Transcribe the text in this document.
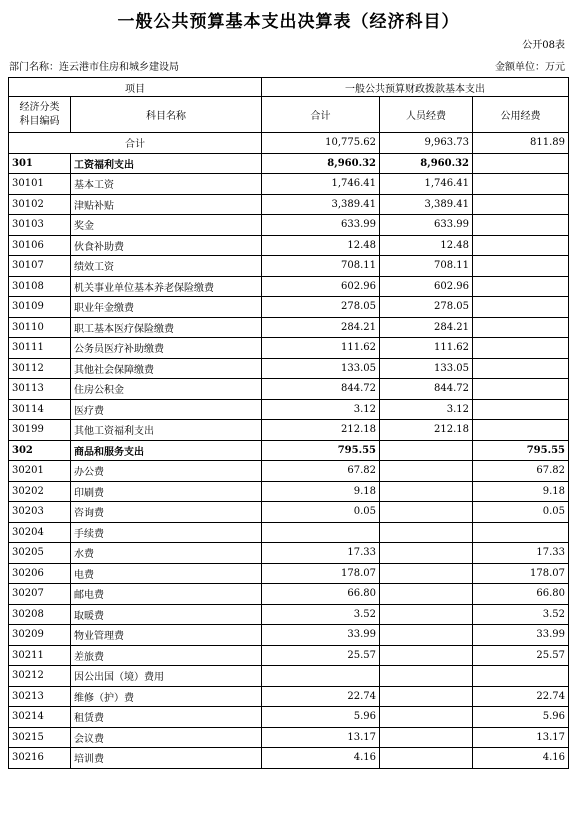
一般公共预算基本支出决算表（经济科目）
公开08表
部门名称：连云港市住房和城乡建设局	金额单位：万元
项目		一般公共预算财政拨款基本支出		
经济分类
科目编码	科目名称	合计	人员经费	公用经费
合计		10,775.62	9,963.73	811.89
301	工资福利支出	8,960.32	8,960.32	
30101	基本工资	1,746.41	1,746.41	
30102	津贴补贴	3,389.41	3,389.41	
30103	奖金	633.99	633.99	
30106	伙食补助费	12.48	12.48	
30107	绩效工资	708.11	708.11	
30108	机关事业单位基本养老保险缴费	602.96	602.96	
30109	职业年金缴费	278.05	278.05	
30110	职工基本医疗保险缴费	284.21	284.21	
30111	公务员医疗补助缴费	111.62	111.62	
30112	其他社会保障缴费	133.05	133.05	
30113	住房公积金	844.72	844.72	
30114	医疗费	3.12	3.12	
30199	其他工资福利支出	212.18	212.18	
302	商品和服务支出	795.55		795.55
30201	办公费	67.82		67.82
30202	印刷费	9.18		9.18
30203	咨询费	0.05		0.05
30204	手续费			
30205	水费	17.33		17.33
30206	电费	178.07		178.07
30207	邮电费	66.80		66.80
30208	取暖费	3.52		3.52
30209	物业管理费	33.99		33.99
30211	差旅费	25.57		25.57
30212	因公出国（境）费用			
30213	维修（护）费	22.74		22.74
30214	租赁费	5.96		5.96
30215	会议费	13.17		13.17
30216	培训费	4.16		4.16
